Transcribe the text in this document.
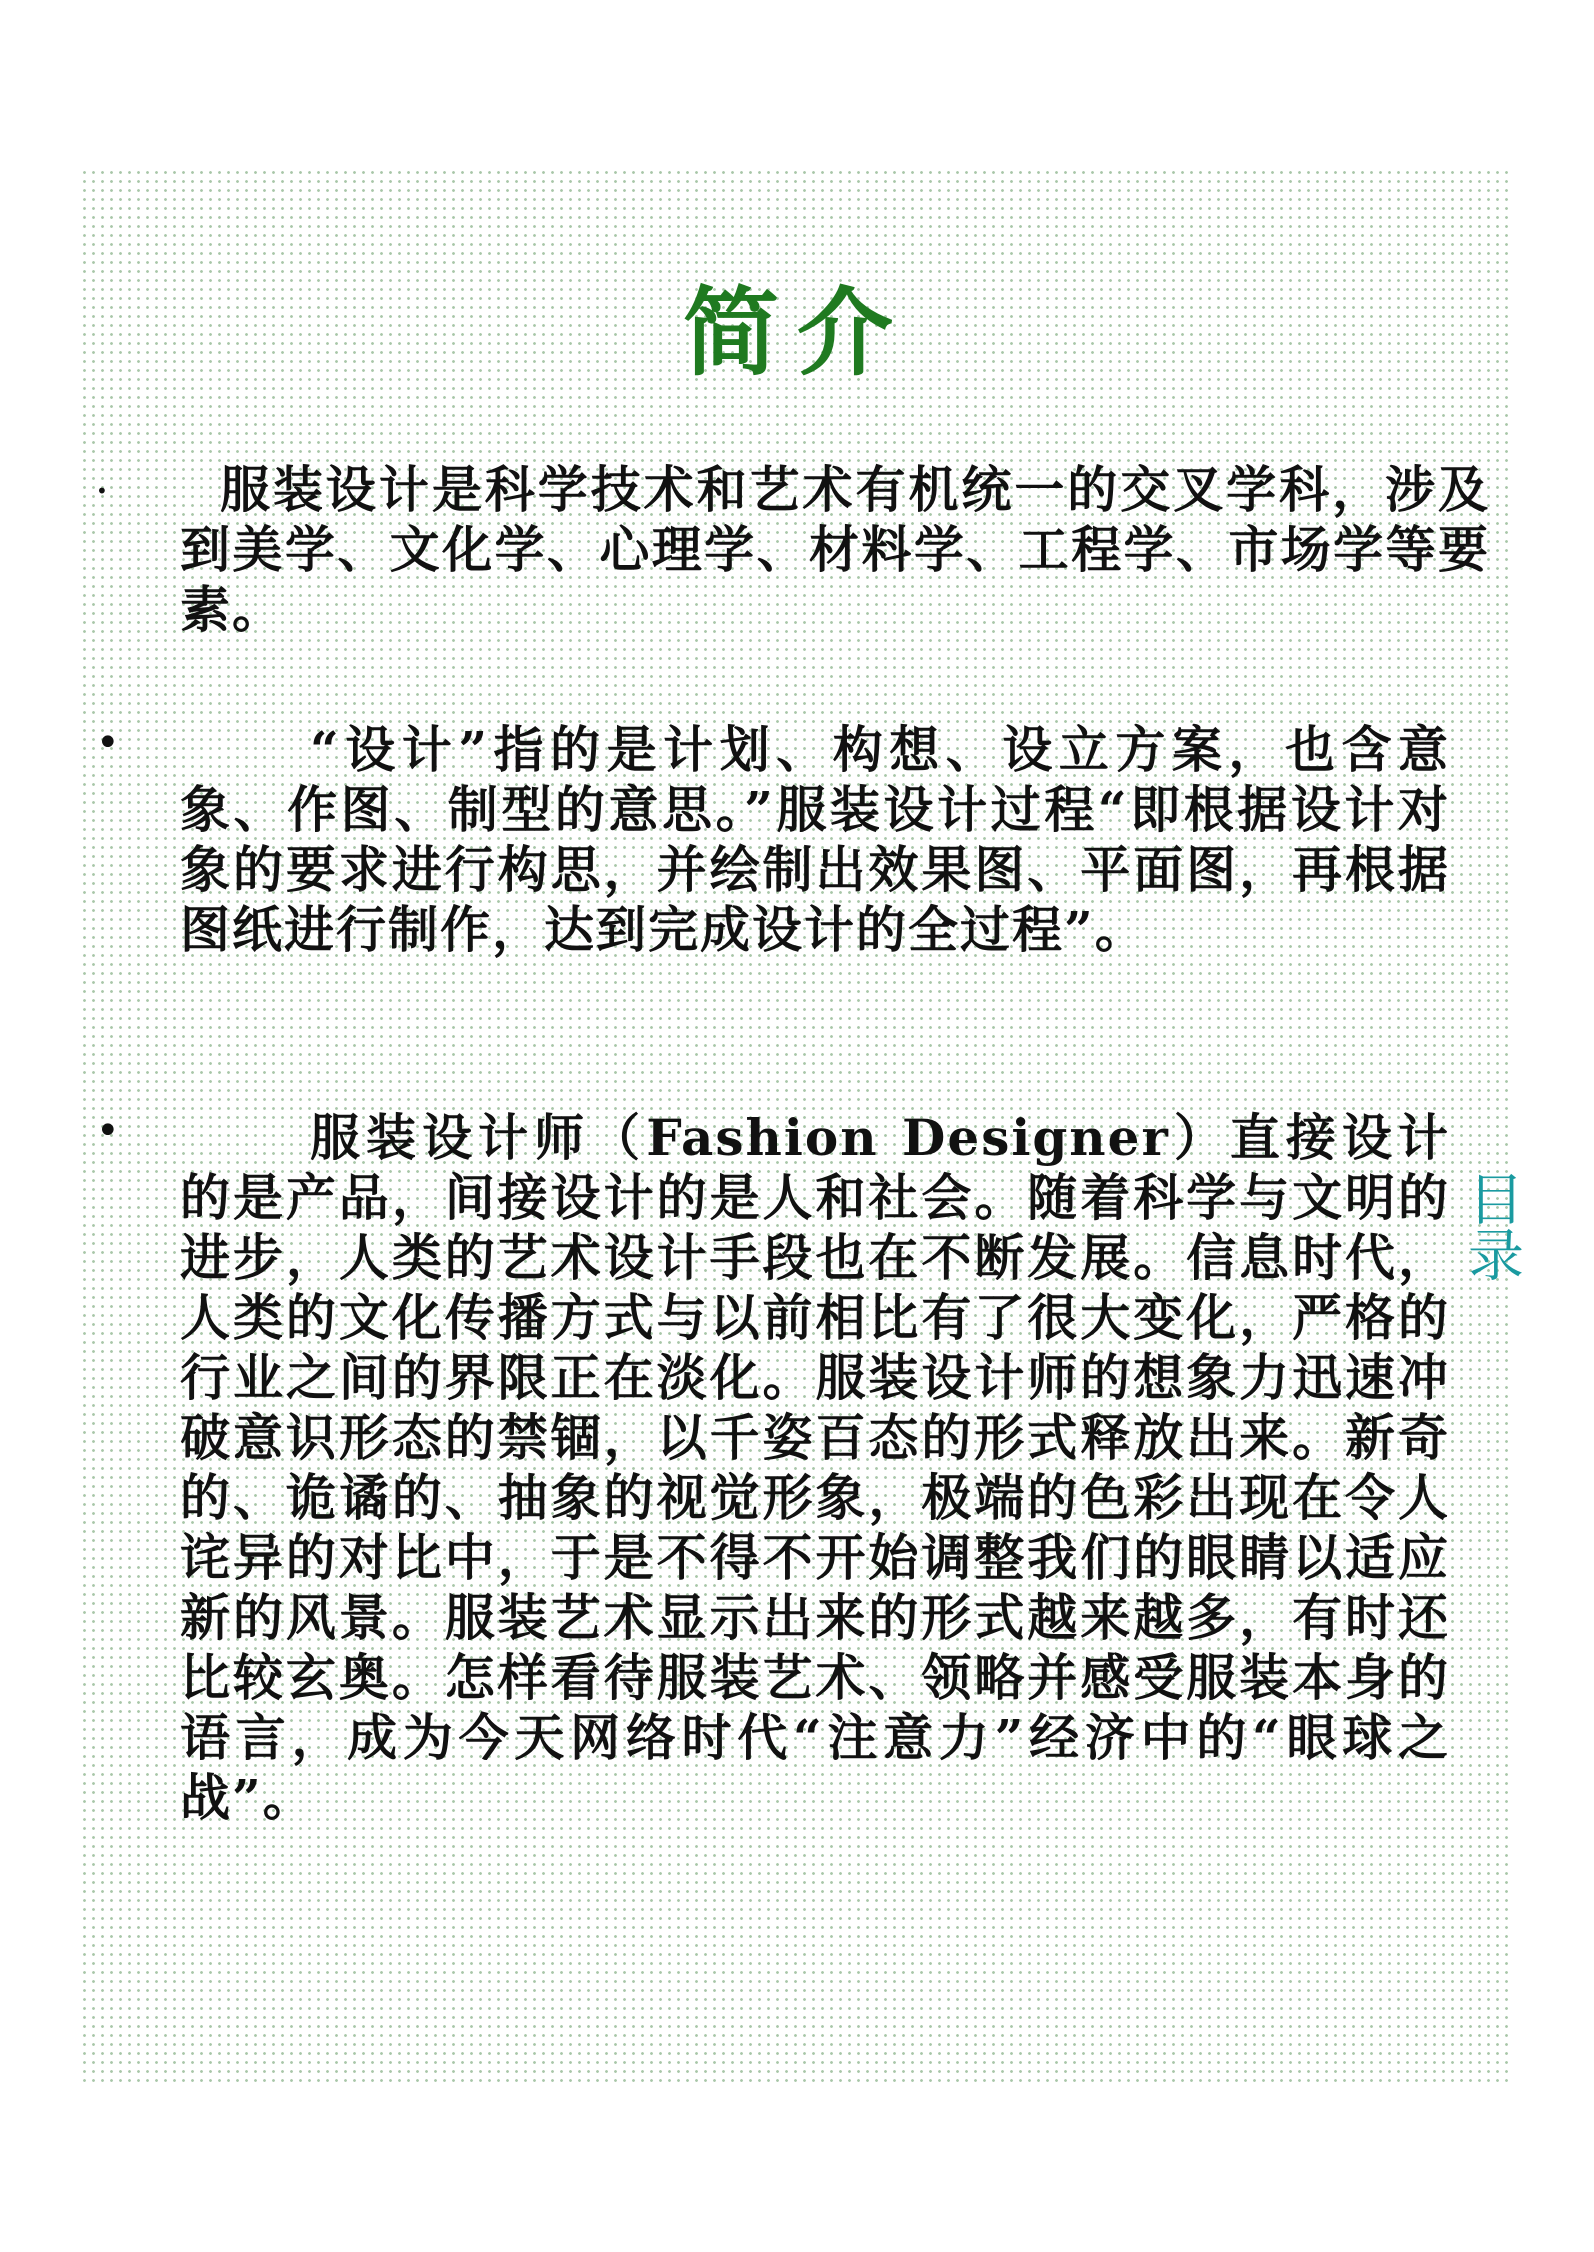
简介
•	服装设计是科学技术和艺术有机统一的交叉学科，涉及到美学、文化学、心理学、材料学、工程学、市场学等要素。

•	“设计”指的是计划、构想、设立方案，也含意象、作图、制型的意思。”服装设计过程“即根据设计对象的要求进行构思，并绘制出效果图、平面图，再根据图纸进行制作，达到完成设计的全过程”。

•	服装设计师（Fashion Designer）直接设计的是产品，间接设计的是人和社会。随着科学与文明的进步，人类的艺术设计手段也在不断发展。信息时代，人类的文化传播方式与以前相比有了很大变化，严格的行业之间的界限正在淡化。服装设计师的想象力迅速冲破意识形态的禁锢，以千姿百态的形式释放出来。新奇的、诡谲的、抽象的视觉形象，极端的色彩出现在令人诧异的对比中，于是不得不开始调整我们的眼睛以适应新的风景。服装艺术显示出来的形式越来越多，有时还比较玄奥。怎样看待服装艺术、领略并感受服装本身的语言，成为今天网络时代“注意力”经济中的“眼球之战”。

目录
